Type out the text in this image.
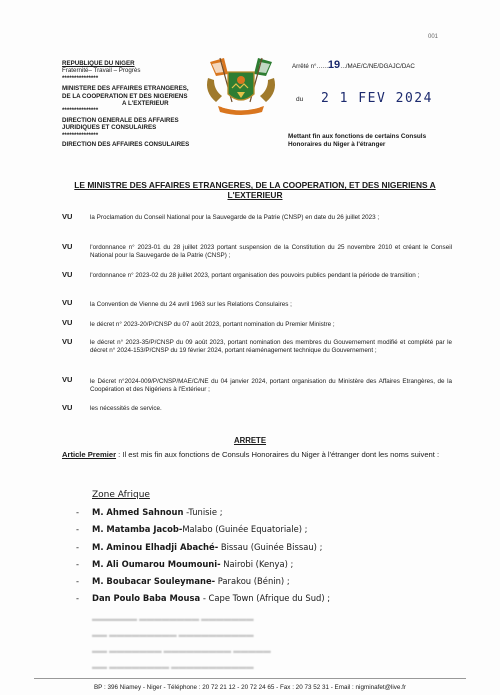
001
REPUBLIQUE DU NIGER
Fraternité– Travail – Progrès
***************
MINISTERE DES AFFAIRES ETRANGERES,
DE LA COOPERATION ET DES NIGERIENS
A L'EXTERIEUR
***************
DIRECTION GENERALE DES AFFAIRES
JURIDIQUES ET CONSULAIRES
***************
DIRECTION DES AFFAIRES CONSULAIRES
Arrêté n°……19…/MAE/C/NE/DGAJC/DAC
du 2 1 FEV 2024
Mettant fin aux fonctions de certains Consuls Honoraires du Niger à l'étranger
LE MINISTRE DES AFFAIRES ETRANGERES, DE LA COOPERATION, ET DES NIGERIENS A L'EXTERIEUR
VU	la Proclamation du Conseil National pour la Sauvegarde de la Patrie (CNSP) en date du 26 juillet 2023 ;
VU	l'ordonnance n° 2023-01 du 28 juillet 2023 portant suspension de la Constitution du 25 novembre 2010 et créant le Conseil National pour la Sauvegarde de la Patrie (CNSP) ;
VU	l'ordonnance n° 2023-02 du 28 juillet 2023, portant organisation des pouvoirs publics pendant la période de transition ;
VU	la Convention de Vienne du 24 avril 1963 sur les Relations Consulaires ;
VU	le décret n° 2023-20/P/CNSP du 07 août 2023, portant nomination du Premier Ministre ;
VU	le décret n° 2023-35/P/CNSP du 09 août 2023, portant nomination des membres du Gouvernement modifié et complété par le décret n° 2024-153/P/CNSP du 19 février 2024, portant réaménagement technique du Gouvernement ;
VU	le Décret n°2024-009/P/CNSP/MAE/C/NE du 04 janvier 2024, portant organisation du Ministère des Affaires Etrangères, de la Coopération et des Nigériens à l'Extérieur ;
VU	les nécessités de service.
ARRETE
Article Premier : Il est mis fin aux fonctions de Consuls Honoraires du Niger à l'étranger dont les noms suivent :
Zone Afrique
- M. Ahmed Sahnoun -Tunisie ;
- M. Matamba Jacob-Malabo (Guinée Equatoriale) ;
- M. Aminou Elhadji Abaché- Bissau (Guinée Bissau) ;
- M. Ali Oumarou Moumouni- Nairobi (Kenya) ;
- M. Boubacar Souleymane- Parakou (Bénin) ;
- Dan Poulo Baba Mousa - Cape Town (Afrique du Sud) ;
▬▬▬▬▬▬ ▬▬▬▬▬▬▬▬ ▬▬▬▬▬▬▬
▬▬ ▬▬▬▬▬▬▬▬▬ ▬▬▬▬▬▬▬▬▬▬
▬▬ ▬▬▬▬▬▬▬ ▬▬▬▬▬▬▬▬▬ ▬▬▬▬▬
▬▬ ▬▬▬▬▬▬▬▬ ▬▬▬▬▬▬▬▬▬▬▬
BP : 396 Niamey - Niger - Téléphone : 20 72 21 12 - 20 72 24 65 - Fax : 20 73 52 31 - Email : nigminafet@live.fr
